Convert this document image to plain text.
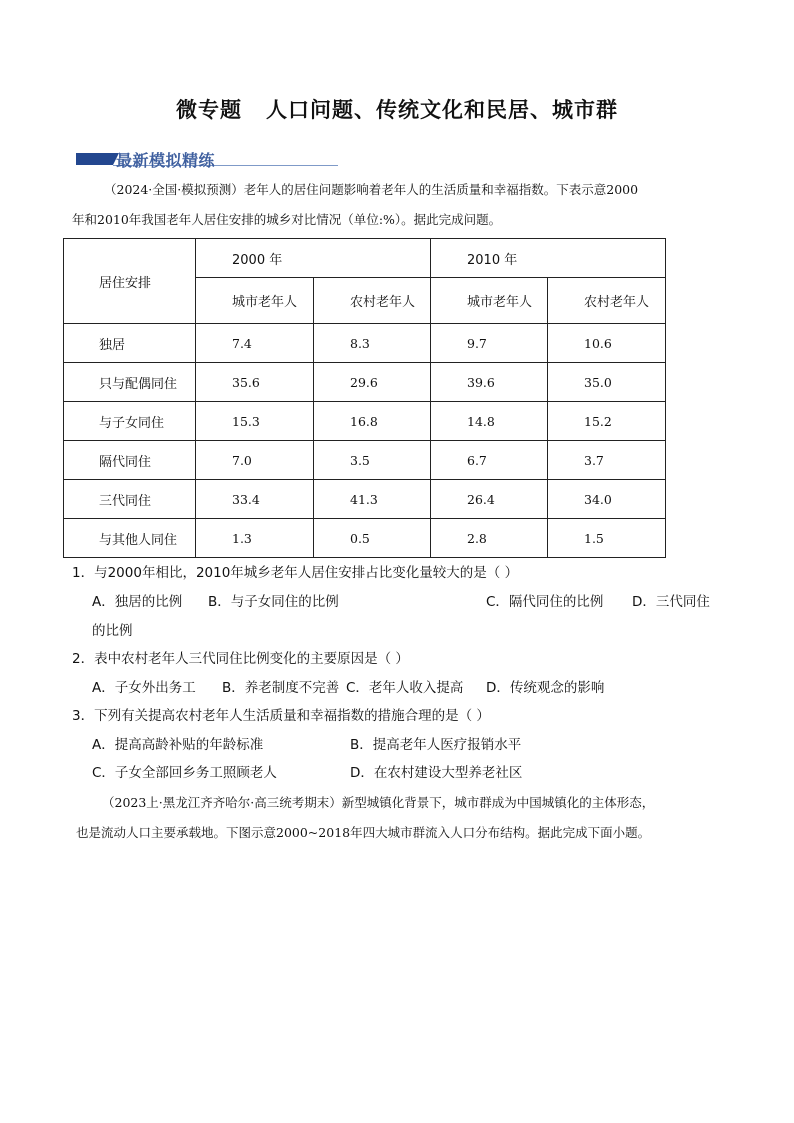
微专题 人口问题、传统文化和民居、城市群
最新模拟精练
（2024·全国·模拟预测）老年人的居住问题影响着老年人的生活质量和幸福指数。下表示意2000
年和2010年我国老年人居住安排的城乡对比情况（单位:%）。据此完成问题。
居住安排	2000 年		2010 年	
	城市老年人	农村老年人	城市老年人	农村老年人
独居	7.4	8.3	9.7	10.6
只与配偶同住	35.6	29.6	39.6	35.0
与子女同住	15.3	16.8	14.8	15.2
隔代同住	7.0	3.5	6.7	3.7
三代同住	33.4	41.3	26.4	34.0
与其他人同住	1.3	0.5	2.8	1.5
1．与2000年相比，2010年城乡老年人居住安排占比变化量较大的是（ ）
A．独居的比例 B．与子女同住的比例	C．隔代同住的比例 D．三代同住
的比例
2．表中农村老年人三代同住比例变化的主要原因是（ ）
A．子女外出务工 B．养老制度不完善 C．老年人收入提高 D．传统观念的影响
3．下列有关提高农村老年人生活质量和幸福指数的措施合理的是（ ）
A．提高高龄补贴的年龄标准	B．提高老年人医疗报销水平
C．子女全部回乡务工照顾老人	D．在农村建设大型养老社区
（2023上·黑龙江齐齐哈尔·高三统考期末）新型城镇化背景下，城市群成为中国城镇化的主体形态，
也是流动人口主要承载地。下图示意2000~2018年四大城市群流入人口分布结构。据此完成下面小题。
